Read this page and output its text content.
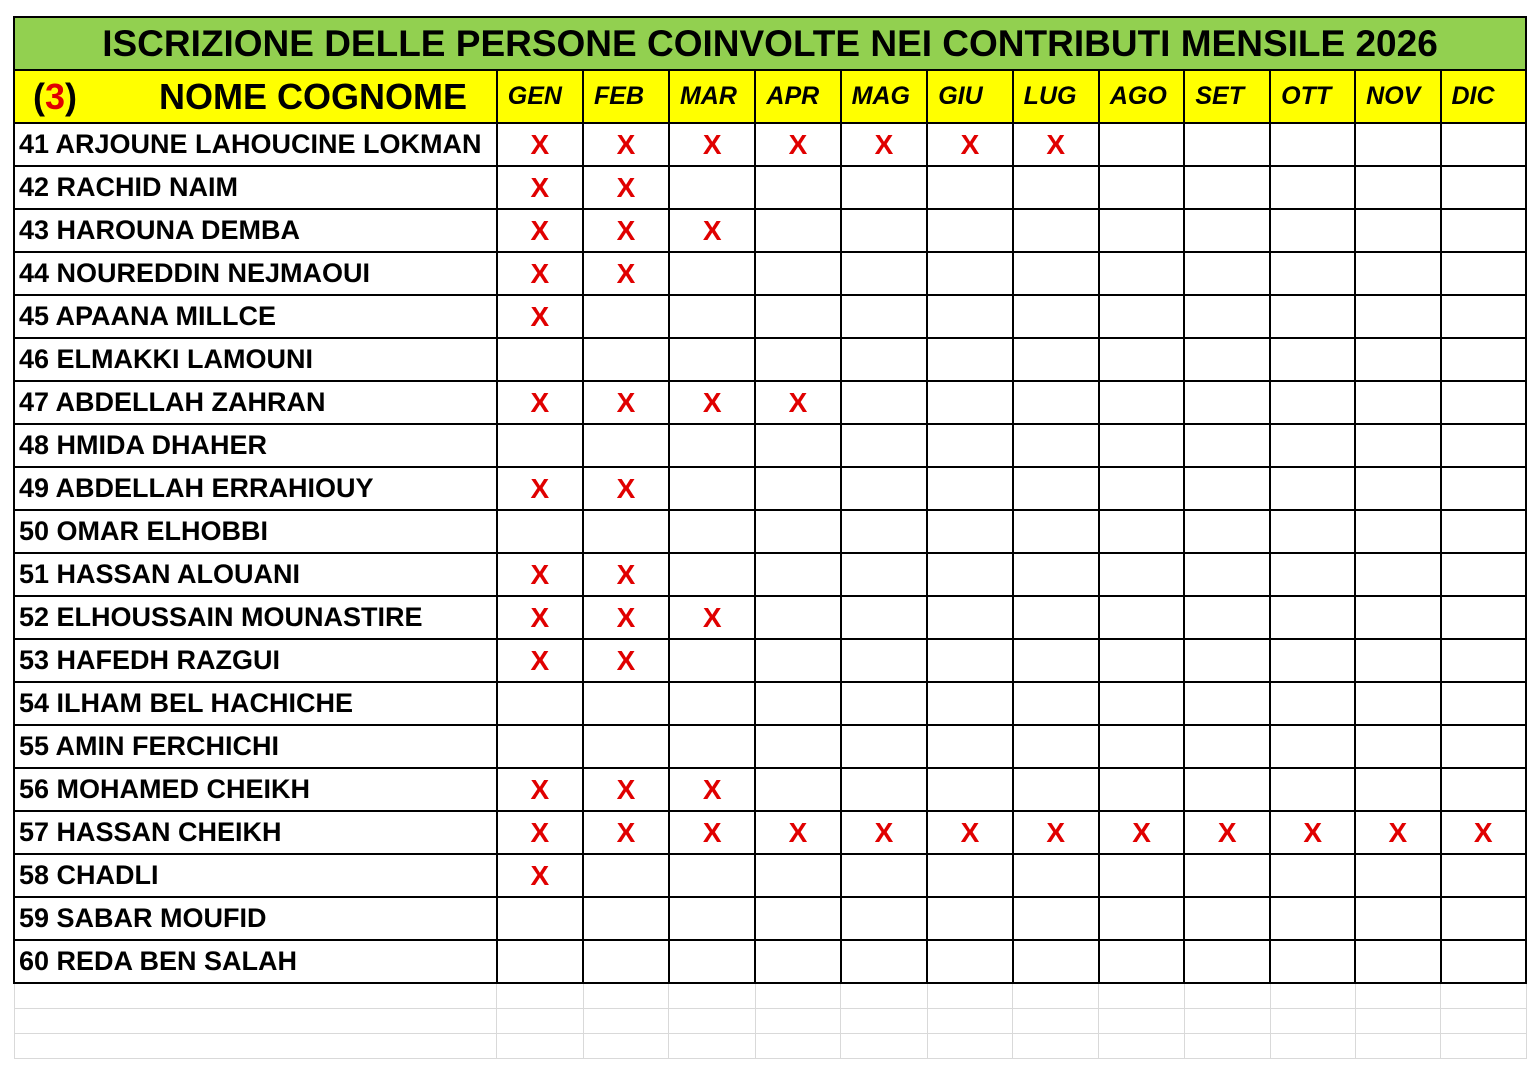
ISCRIZIONE DELLE PERSONE COINVOLTE NEI CONTRIBUTI MENSILE 2026												
(3) NOME COGNOME	GEN	FEB	MAR	APR	MAG	GIU	LUG	AGO	SET	OTT	NOV	DIC
41 ARJOUNE LAHOUCINE LOKMAN	X	X	X	X	X	X	X					
42 RACHID NAIM	X	X										
43 HAROUNA DEMBA	X	X	X									
44 NOUREDDIN NEJMAOUI	X	X										
45 APAANA MILLCE	X											
46 ELMAKKI LAMOUNI												
47 ABDELLAH ZAHRAN	X	X	X	X								
48 HMIDA DHAHER												
49 ABDELLAH ERRAHIOUY	X	X										
50 OMAR ELHOBBI												
51 HASSAN ALOUANI	X	X										
52 ELHOUSSAIN MOUNASTIRE	X	X	X									
53 HAFEDH RAZGUI	X	X										
54 ILHAM BEL HACHICHE												
55 AMIN FERCHICHI												
56 MOHAMED CHEIKH	X	X	X									
57 HASSAN CHEIKH	X	X	X	X	X	X	X	X	X	X	X	X
58 CHADLI	X											
59 SABAR MOUFID												
60 REDA BEN SALAH												
